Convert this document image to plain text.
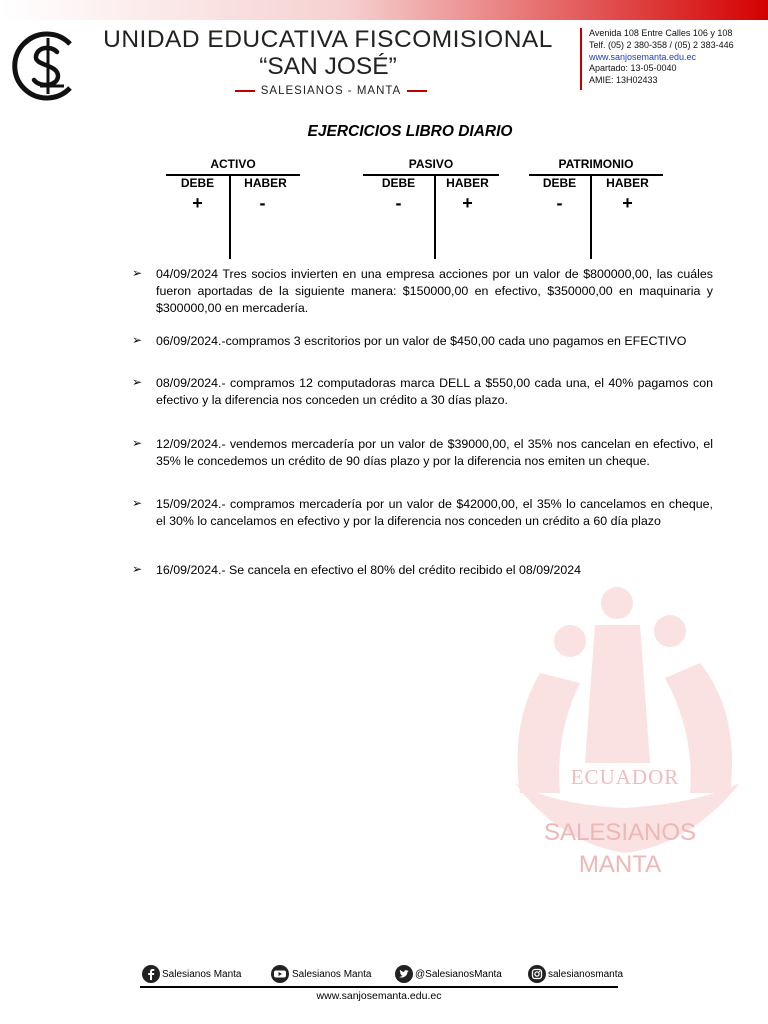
UNIDAD EDUCATIVA FISCOMISIONAL
“SAN JOSÉ”
SALESIANOS - MANTA
Avenida 108 Entre Calles 106 y 108
Telf. (05) 2 380-358 / (05) 2 383-446
www.sanjosemanta.edu.ec
Apartado: 13-05-0040
AMIE: 13H02433
EJERCICIOS LIBRO DIARIO
ACTIVO
DEBE	HABER
+	-
PASIVO
DEBE	HABER
-	+
PATRIMONIO
DEBE	HABER
-	+
➢ 04/09/2024 Tres socios invierten en una empresa acciones por un valor de $800000,00, las cuáles fueron aportadas de la siguiente manera: $150000,00 en efectivo, $350000,00 en maquinaria y $300000,00 en mercadería.
➢ 06/09/2024.-compramos 3 escritorios por un valor de $450,00 cada uno pagamos en EFECTIVO
➢ 08/09/2024.- compramos 12 computadoras marca DELL a $550,00 cada una, el 40% pagamos con efectivo y la diferencia nos conceden un crédito a 30 días plazo.
➢ 12/09/2024.- vendemos mercadería por un valor de $39000,00, el 35% nos cancelan en efectivo, el 35% le concedemos un crédito de 90 días plazo y por la diferencia nos emiten un cheque.
➢ 15/09/2024.- compramos mercadería por un valor de $42000,00, el 35% lo cancelamos en cheque, el 30% lo cancelamos en efectivo y por la diferencia nos conceden un crédito a 60 día plazo
➢ 16/09/2024.- Se cancela en efectivo el 80% del crédito recibido el 08/09/2024
ECUADOR
SALESIANOS
MANTA
Salesianos Manta	Salesianos Manta	@SalesianosManta	salesianosmanta
www.sanjosemanta.edu.ec
